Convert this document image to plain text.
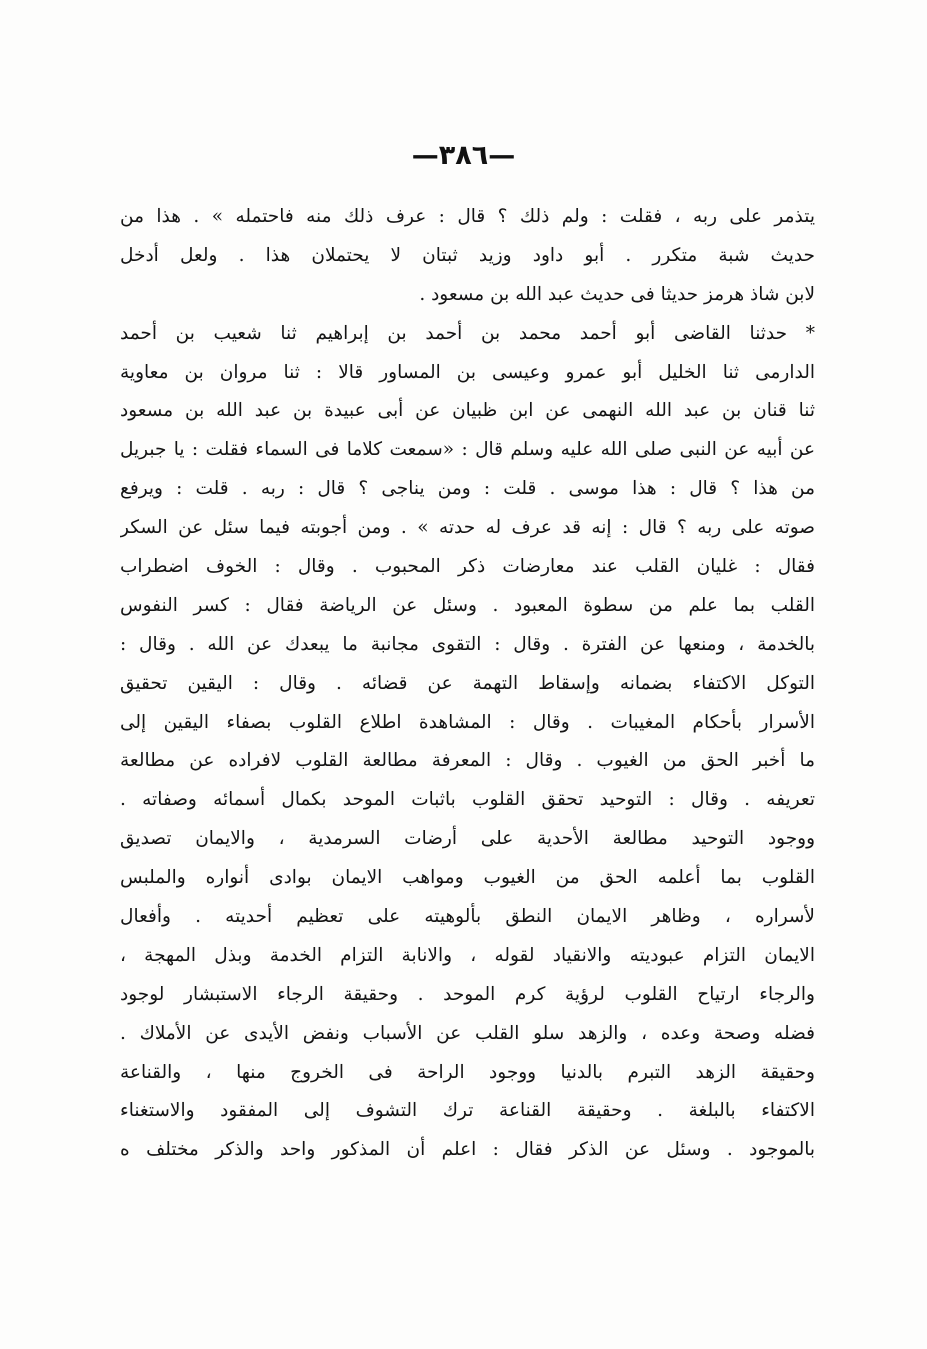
—٣٨٦—
يتذمر على ربه ، فقلت : ولم ذلك ؟ قال : عرف ذلك منه فاحتمله » . هذا من
حديث شبة متكرر . أبو داود وزيد ثبتان لا يحتملان هذا . ولعل أدخل
لابن شاذ هرمز حديثا فى حديث عبد الله بن مسعود .
* حدثنا القاضى أبو أحمد محمد بن أحمد بن إبراهيم ثنا شعيب بن أحمد
الدارمى ثنا الخليل أبو عمرو وعيسى بن المساور قالا : ثنا مروان بن معاوية
ثنا قنان بن عبد الله النهمى عن ابن ظبيان عن أبى عبيدة بن عبد الله بن مسعود
عن أبيه عن النبى صلى الله عليه وسلم قال : «سمعت كلاما فى السماء فقلت : يا جبريل
من هذا ؟ قال : هذا موسى . قلت : ومن يناجى ؟ قال : ربه . قلت : ويرفع
صوته على ربه ؟ قال : إنه قد عرف له حدته » . ومن أجوبته فيما سئل عن السكر
فقال : غليان القلب عند معارضات ذكر المحبوب . وقال : الخوف اضطراب
القلب بما علم من سطوة المعبود . وسئل عن الرياضة فقال : كسر النفوس
بالخدمة ، ومنعها عن الفترة . وقال : التقوى مجانبة ما يبعدك عن الله . وقال :
التوكل الاكتفاء بضمانه وإسقاط التهمة عن قضائه . وقال : اليقين تحقيق
الأسرار بأحكام المغيبات . وقال : المشاهدة اطلاع القلوب بصفاء اليقين إلى
ما أخبر الحق من الغيوب . وقال : المعرفة مطالعة القلوب لافراده عن مطالعة
تعريفه . وقال : التوحيد تحقق القلوب باثبات الموحد بكمال أسمائه وصفاته .
ووجود التوحيد مطالعة الأحدية على أرضات السرمدية ، والايمان تصديق
القلوب بما أعلمه الحق من الغيوب ومواهب الايمان بوادى أنواره والملبس
لأسراره ، وظاهر الايمان النطق بألوهيته على تعظيم أحديته . وأفعال
الايمان التزام عبوديته والانقياد لقوله ، والانابة التزام الخدمة وبذل المهجة ،
والرجاء ارتياح القلوب لرؤية كرم الموحد . وحقيقة الرجاء الاستبشار لوجود
فضله وصحة وعده ، والزهد سلو القلب عن الأسباب ونفض الأيدى عن الأملاك .
وحقيقة الزهد التبرم بالدنيا ووجود الراحة فى الخروج منها ، والقناعة
الاكتفاء بالبلغة . وحقيقة القناعة ترك التشوف إلى المفقود والاستغناء
بالموجود . وسئل عن الذكر فقال : اعلم أن المذكور واحد والذكر مختلف ه
